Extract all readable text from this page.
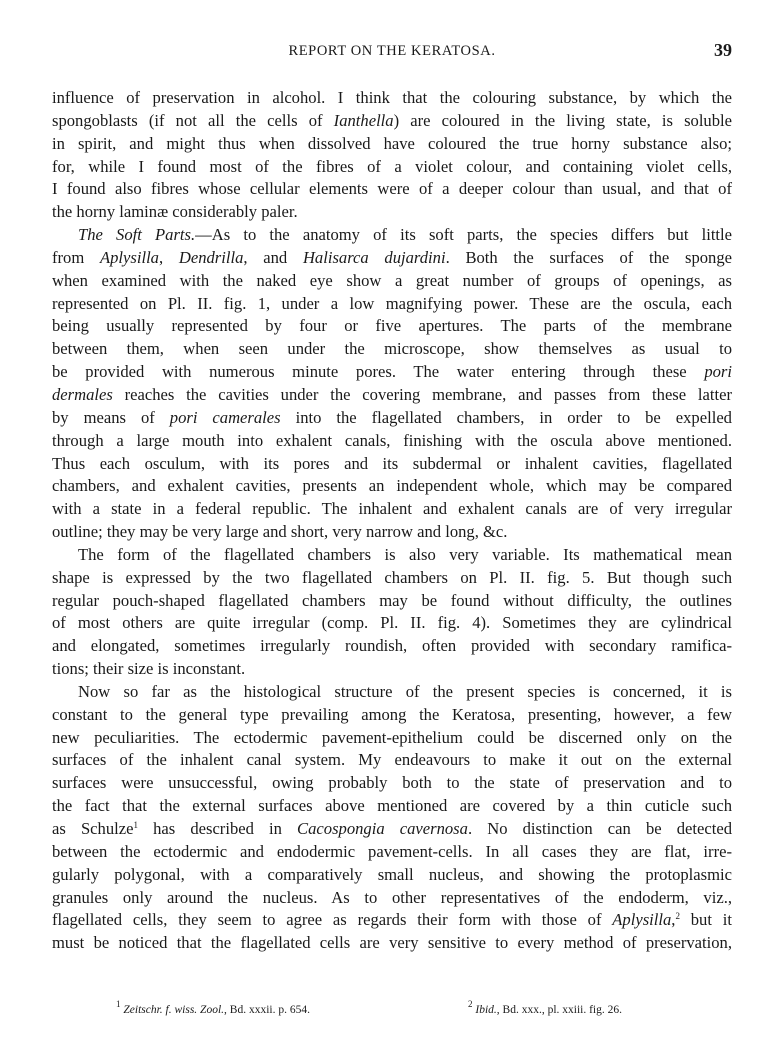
REPORT ON THE KERATOSA.	39
influence of preservation in alcohol. I think that the colouring substance, by which the
spongoblasts (if not all the cells of Ianthella) are coloured in the living state, is soluble
in spirit, and might thus when dissolved have coloured the true horny substance also;
for, while I found most of the fibres of a violet colour, and containing violet cells,
I found also fibres whose cellular elements were of a deeper colour than usual, and that of
the horny laminæ considerably paler.
The Soft Parts.—As to the anatomy of its soft parts, the species differs but little
from Aplysilla, Dendrilla, and Halisarca dujardini. Both the surfaces of the sponge
when examined with the naked eye show a great number of groups of openings, as
represented on Pl. II. fig. 1, under a low magnifying power. These are the oscula, each
being usually represented by four or five apertures. The parts of the membrane
between them, when seen under the microscope, show themselves as usual to
be provided with numerous minute pores. The water entering through these pori
dermales reaches the cavities under the covering membrane, and passes from these latter
by means of pori camerales into the flagellated chambers, in order to be expelled
through a large mouth into exhalent canals, finishing with the oscula above mentioned.
Thus each osculum, with its pores and its subdermal or inhalent cavities, flagellated
chambers, and exhalent cavities, presents an independent whole, which may be compared
with a state in a federal republic. The inhalent and exhalent canals are of very irregular
outline; they may be very large and short, very narrow and long, &c.
The form of the flagellated chambers is also very variable. Its mathematical mean
shape is expressed by the two flagellated chambers on Pl. II. fig. 5. But though such
regular pouch-shaped flagellated chambers may be found without difficulty, the outlines
of most others are quite irregular (comp. Pl. II. fig. 4). Sometimes they are cylindrical
and elongated, sometimes irregularly roundish, often provided with secondary ramifica-
tions; their size is inconstant.
Now so far as the histological structure of the present species is concerned, it is
constant to the general type prevailing among the Keratosa, presenting, however, a few
new peculiarities. The ectodermic pavement-epithelium could be discerned only on the
surfaces of the inhalent canal system. My endeavours to make it out on the external
surfaces were unsuccessful, owing probably both to the state of preservation and to
the fact that the external surfaces above mentioned are covered by a thin cuticle such
as Schulze$^1$ has described in Cacospongia cavernosa. No distinction can be detected
between the ectodermic and endodermic pavement-cells. In all cases they are flat, irre-
gularly polygonal, with a comparatively small nucleus, and showing the protoplasmic
granules only around the nucleus. As to other representatives of the endoderm, viz.,
flagellated cells, they seem to agree as regards their form with those of Aplysilla,$^2$ but it
must be noticed that the flagellated cells are very sensitive to every method of preservation,
$^1$ Zeitschr. f. wiss. Zool., Bd. xxxii. p. 654.	$^2$ Ibid., Bd. xxx., pl. xxiii. fig. 26.
